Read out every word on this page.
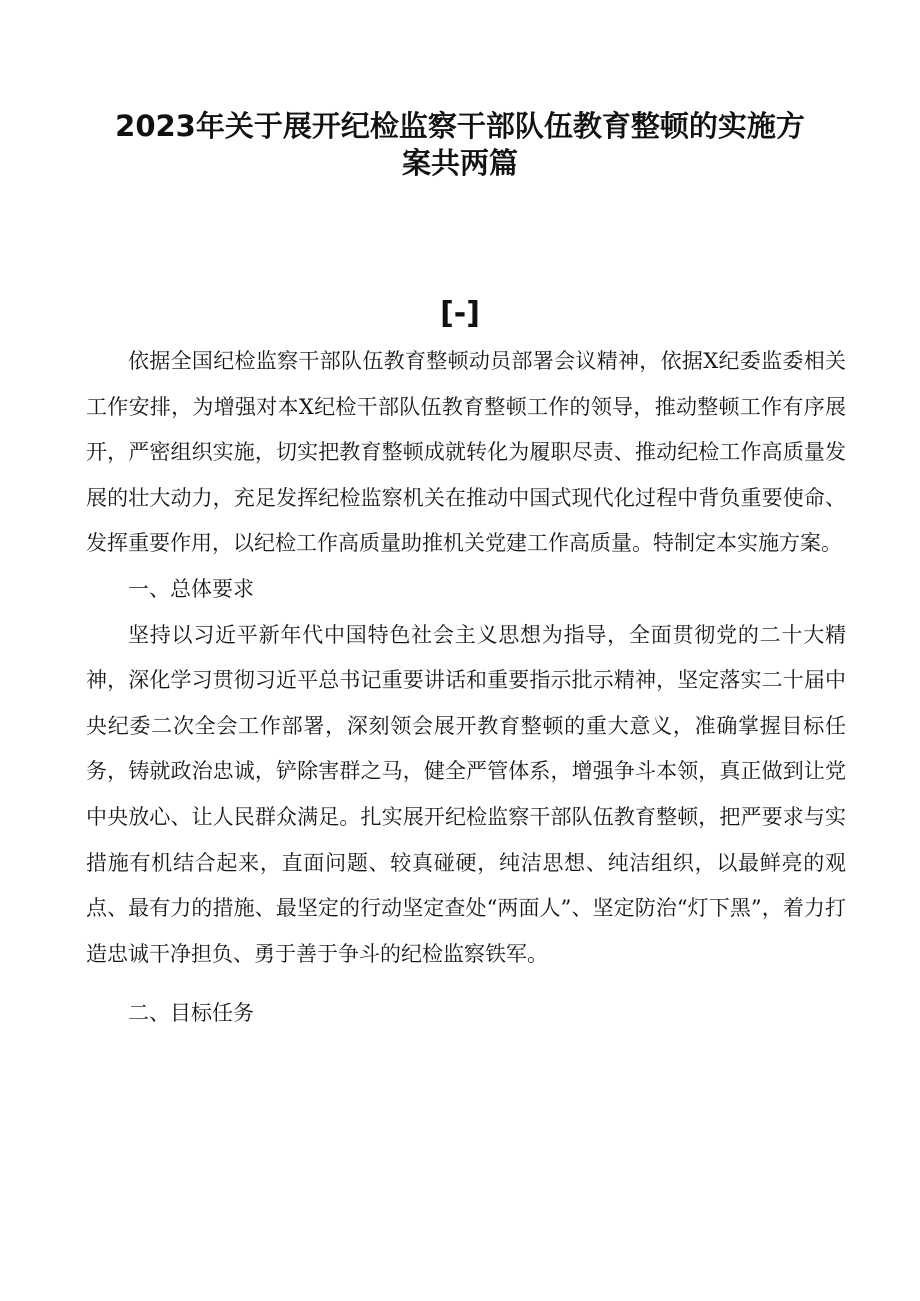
2023年关于展开纪检监察干部队伍教育整顿的实施方
案共两篇
[-]

依据全国纪检监察干部队伍教育整顿动员部署会议精神，依据X纪委监委相关工作安排，为增强对本X纪检干部队伍教育整顿工作的领导，推动整顿工作有序展开，严密组织实施，切实把教育整顿成就转化为履职尽责、推动纪检工作高质量发展的壮大动力，充足发挥纪检监察机关在推动中国式现代化过程中背负重要使命、发挥重要作用，以纪检工作高质量助推机关党建工作高质量。特制定本实施方案。

一、总体要求

坚持以习近平新年代中国特色社会主义思想为指导，全面贯彻党的二十大精神，深化学习贯彻习近平总书记重要讲话和重要指示批示精神，坚定落实二十届中央纪委二次全会工作部署，深刻领会展开教育整顿的重大意义，准确掌握目标任务，铸就政治忠诚，铲除害群之马，健全严管体系，增强争斗本领，真正做到让党中央放心、让人民群众满足。扎实展开纪检监察干部队伍教育整顿，把严要求与实措施有机结合起来，直面问题、较真碰硬，纯洁思想、纯洁组织，以最鲜亮的观点、最有力的措施、最坚定的行动坚定查处“两面人”、坚定防治“灯下黑”，着力打造忠诚干净担负、勇于善于争斗的纪检监察铁军。

二、目标任务
